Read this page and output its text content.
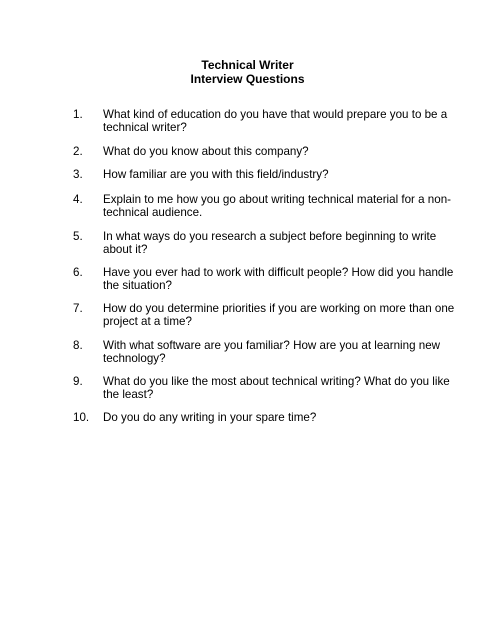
Technical Writer
Interview Questions
1. What kind of education do you have that would prepare you to be a
technical writer?
2. What do you know about this company?
3. How familiar are you with this field/industry?
4. Explain to me how you go about writing technical material for a non-
technical audience.
5. In what ways do you research a subject before beginning to write
about it?
6. Have you ever had to work with difficult people? How did you handle
the situation?
7. How do you determine priorities if you are working on more than one
project at a time?
8. With what software are you familiar? How are you at learning new
technology?
9. What do you like the most about technical writing? What do you like
the least?
10. Do you do any writing in your spare time?
